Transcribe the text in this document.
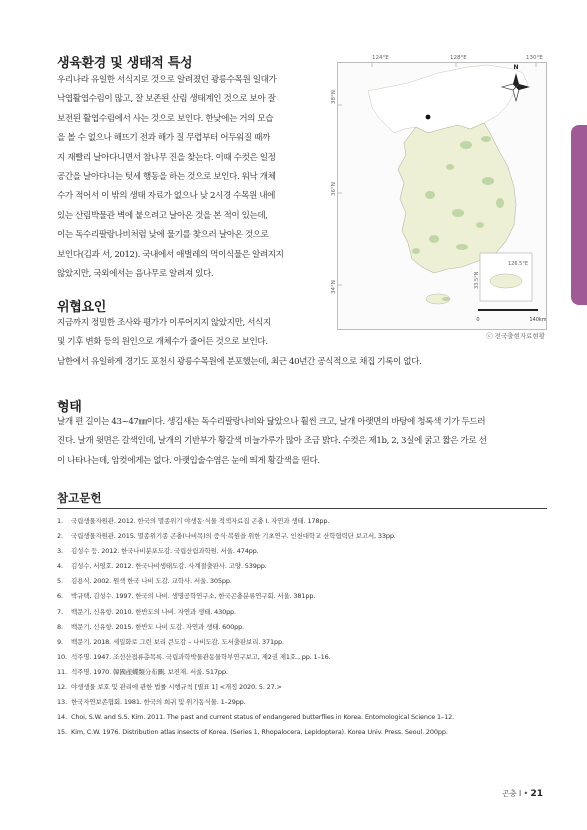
생육환경 및 생태적 특성
우리나라 유일한 서식지로 것으로 알려졌던 광릉수목원 일대가
낙엽활엽수림이 많고, 잘 보존된 산림 생태계인 것으로 보아 잘
보전된 활엽수림에서 사는 것으로 보인다. 한낮에는 거의 모습
을 볼 수 없으나 해뜨기 전과 해가 질 무렵부터 어두워질 때까
지 재빨리 날아다니면서 참나무 진을 찾는다. 이때 수컷은 일정
공간을 날아다니는 텃세 행동을 하는 것으로 보인다. 워낙 개체
수가 적어서 이 밖의 생태 자료가 없으나 낮 2시경 수목원 내에
있는 산림박물관 벽에 붙으려고 날아온 것을 본 적이 있는데,
이는 독수리팔랑나비처럼 낮에 물기를 찾으러 날아온 것으로
보인다(김과 서, 2012). 국내에서 애벌레의 먹이식물은 알려지지
않았지만, 국외에서는 음나무로 알려져 있다.
126.5°E
33.5°N
N
0	140km
124°E	128°E	130°E
38°N
36°N
34°N
ⓒ 전국출현자료현황
위협요인
지금까지 정밀한 조사와 평가가 이루어지지 않았지만, 서식지
및 기후 변화 등의 원인으로 개체수가 줄어든 것으로 보인다.
남한에서 유일하게 경기도 포천시 광릉수목원에 분포했는데, 최근 40년간 공식적으로 채집 기록이 없다.
형태
날개 편 길이는 43~47㎜이다. 생김새는 독수리팔랑나비와 닮았으나 훨씬 크고, 날개 아랫면의 바탕에 청록색 기가 두드러
진다. 날개 윗면은 갈색인데, 날개의 기반부가 황갈색 비늘가루가 많아 조금 밝다. 수컷은 제1b, 2, 3실에 굵고 짧은 가로 선
이 나타나는데, 암컷에게는 없다. 아랫입술수염은 눈에 띄게 황갈색을 띤다.
참고문헌
1. 국립생물자원관. 2012. 한국의 멸종위기 야생동·식물 적색자료집 곤충 I. 자연과 생태. 178pp.
2. 국립생물자원관. 2015. 멸종위기종 곤충(나비목)의 증식·복원을 위한 기초연구. 인천대학교 산학협력단 보고서, 33pp.
3. 김성수 등. 2012. 한국나비분포도감. 국립산림과학원. 서울. 474pp.
4. 김성수, 서영호. 2012. 한국나비생태도감. 사계절출판사. 고양. 539pp.
5. 김용식. 2002. 원색 한국 나비 도감. 교학사. 서울. 305pp.
6. 박규택, 김성수. 1997. 한국의 나비. 생명공학연구소, 한국곤충분류연구회. 서울. 381pp.
7. 백문기, 신유항. 2010. 한반도의 나비. 자연과 생태. 430pp.
8. 백문기, 신유항. 2015. 한반도 나비 도감. 자연과 생태. 600pp.
9. 백문기. 2018. 세밀화로 그린 보리 큰도감 – 나비도감. 도서출판보리. 371pp.
10. 석주명. 1947. 조선산접류총목록. 국립과학박물관동물학부연구보고, 제2권 제1호., pp. 1–16.
11. 석주명. 1970. 韓國產蝶類分布圖. 보진재. 서울. 517pp.
12. 야생생물 보호 및 관리에 관한 법률 시행규칙 [별표 1] <개정 2020. 5. 27.>
13. 한국자연보존협회. 1981. 한국의 희귀 및 위기동식물. 1–29pp.
14. Choi, S.W. and S.S. Kim. 2011. The past and current status of endangered butterflies in Korea. Entomological Science 1–12.
15. Kim, C.W. 1976. Distribution atlas insects of Korea. (Series 1, Rhopalocera, Lepidoptera). Korea Univ. Press. Seoul. 200pp.
곤충 I • 21
